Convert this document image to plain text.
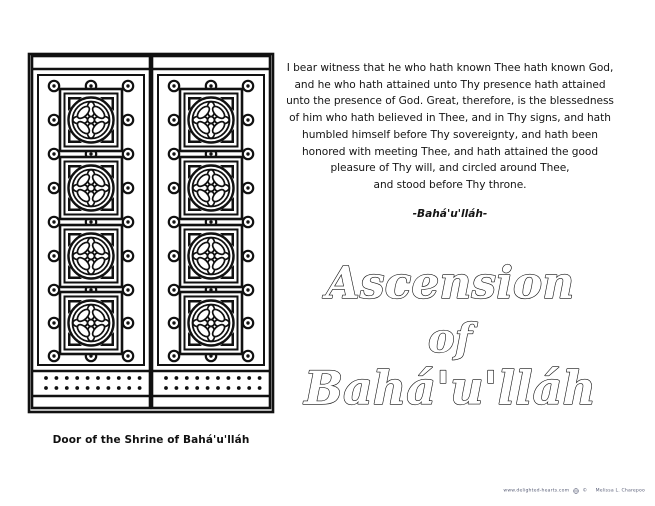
Door of the Shrine of Bahá'u'lláh

I bear witness that he who hath known Thee hath known God,

and he who hath attained unto Thy presence hath attained

unto the presence of God. Great, therefore, is the blessedness

of him who hath believed in Thee, and in Thy signs, and hath

humbled himself before Thy sovereignty, and hath been

honored with meeting Thee, and hath attained the good

pleasure of Thy will, and circled around Thee,

and stood before Thy throne.

-Bahá'u'lláh-
Ascension
of
Bahá'u'lláh
www.delighted-hearts.com	© Melissa L. Charepoo
